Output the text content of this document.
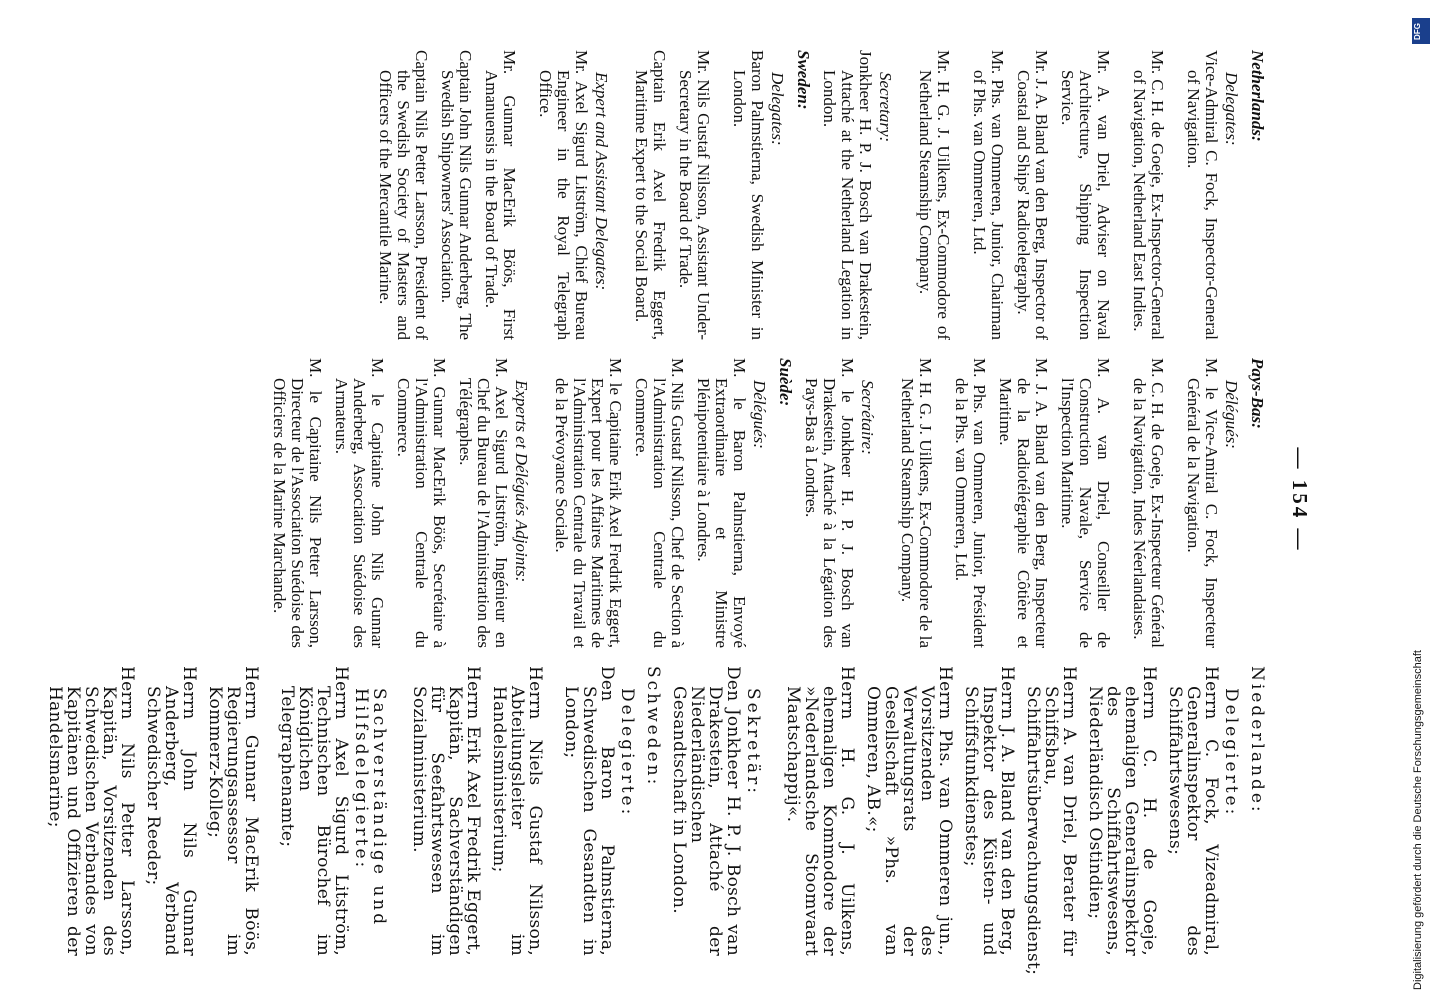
— 154 —
Netherlands:
Delegates:
Vice-Admiral C. Fock, Inspector-General of Navigation.
Mr. C. H. de Goeje, Ex-Inspector-General of Navigation, Netherland East Indies.
Mr. A. van Driel, Adviser on Naval Architecture, Shipping Inspection Service.
Mr. J. A. Bland van den Berg, Inspector of Coastal and Ships' Radiotelegraphy.
Mr. Phs. van Ommeren, Junior, Chairman of Phs. van Ommeren, Ltd.
Mr. H. G. J. Uilkens, Ex-Commodore of Netherland Steamship Company.
Secretary:
Jonkheer H. P. J. Bosch van Drakestein, Attaché at the Netherland Legation in London.
Sweden:
Delegates:
Baron Palmstierna, Swedish Minister in London.
Mr. Nils Gustaf Nilsson, Assistant Under-Secretary in the Board of Trade.
Captain Erik Axel Fredrik Eggert, Maritime Expert to the Social Board.
Expert and Assistant Delegates:
Mr. Axel Sigurd Litström, Chief Bureau Engineer in the Royal Telegraph Office.
Mr. Gunnar MacErik Böös, First Amanuensis in the Board of Trade.
Captain John Nils Gunnar Anderberg, The Swedish Shipowners' Association.
Captain Nils Petter Larsson, President of the Swedish Society of Masters and Officers of the Mercantile Marine.
Pays-Bas:
Délégués:
M. le Vice-Amiral C. Fock, Inspecteur Général de la Navigation.
M. C. H. de Goeje, Ex-Inspecteur Général de la Navigation, Indes Néerlandaises.
M. A. van Driel, Conseiller de Construction Navale, Service de l'Inspection Maritime.
M. J. A. Bland van den Berg, Inspecteur de la Radiotélégraphie Côtière et Maritime.
M. Phs. van Ommeren, Junior, Président de la Phs. van Ommeren, Ltd.
M. H. G. J. Uilkens, Ex-Commodore de la Netherland Steamship Company.
Secrétaire:
M. le Jonkheer H. P. J. Bosch van Drakestein, Attaché à la Légation des Pays-Bas à Londres.
Suède:
Délégués:
M. le Baron Palmstierna, Envoyé Extraordinaire et Ministre Plénipotentiaire à Londres.
M. Nils Gustaf Nilsson, Chef de Section à l'Administration Centrale du Commerce.
M. le Capitaine Erik Axel Fredrik Eggert, Expert pour les Affaires Maritimes de l'Administration Centrale du Travail et de la Prévoyance Sociale.
Experts et Délégués Adjoints:
M. Axel Sigurd Litström, Ingénieur en Chef du Bureau de l'Administration des Télégraphes.
M. Gunnar MacErik Böös, Secrétaire à l'Administration Centrale du Commerce.
M. le Capitaine John Nils Gunnar Anderberg, Association Suédoise des Armateurs.
M. le Capitaine Nils Petter Larsson, Directeur de l'Association Suédoise des Officiers de la Marine Marchande.
Niederlande:
Delegierte:
Herrn C. Fock, Vizeadmiral, Generalinspektor des Schiffahrtswesens;
Herrn C. H. de Goeje, ehemaligen Generalinspektor des Schiffahrtswesens, Niederländisch Ostindien;
Herrn A. van Driel, Berater für Schiffsbau, Schiffahrtsüberwachungsdienst;
Herrn J. A. Bland van den Berg, Inspektor des Küsten- und Schiffsfunkdienstes;
Herrn Phs. van Ommeren jun., Vorsitzenden des Verwaltungsrats der Gesellschaft »Phs. van Ommeren, AB.«;
Herrn H. G. J. Uilkens, ehemaligen Kommodore der »Nederlandsche Stoomvaart Maatschappij«.
Sekretär:
Den Jonkheer H. P. J. Bosch van Drakestein, Attaché der Niederländischen Gesandtschaft in London.
Schweden:
Delegierte:
Den Baron Palmstierna, Schwedischen Gesandten in London;
Herrn Niels Gustaf Nilsson, Abteilungsleiter im Handelsministerium;
Herrn Erik Axel Fredrik Eggert, Kapitän, Sachverständigen für Seefahrtswesen im Sozialministerium.
Sachverständige und Hilfsdelegierte:
Herrn Axel Sigurd Litström, Technischen Bürochef im Königlichen Telegraphenamte;
Herrn Gunnar MacErik Böös, Regierungsassessor im Kommerz-Kolleg;
Herrn John Nils Gunnar Anderberg, Verband Schwedischer Reeder;
Herrn Nils Petter Larsson, Kapitän, Vorsitzenden des Schwedischen Verbandes von Kapitänen und Offizieren der Handelsmarine;
DFG
Digitalisierung gefördert durch die Deutsche Forschungsgemeinschaft
